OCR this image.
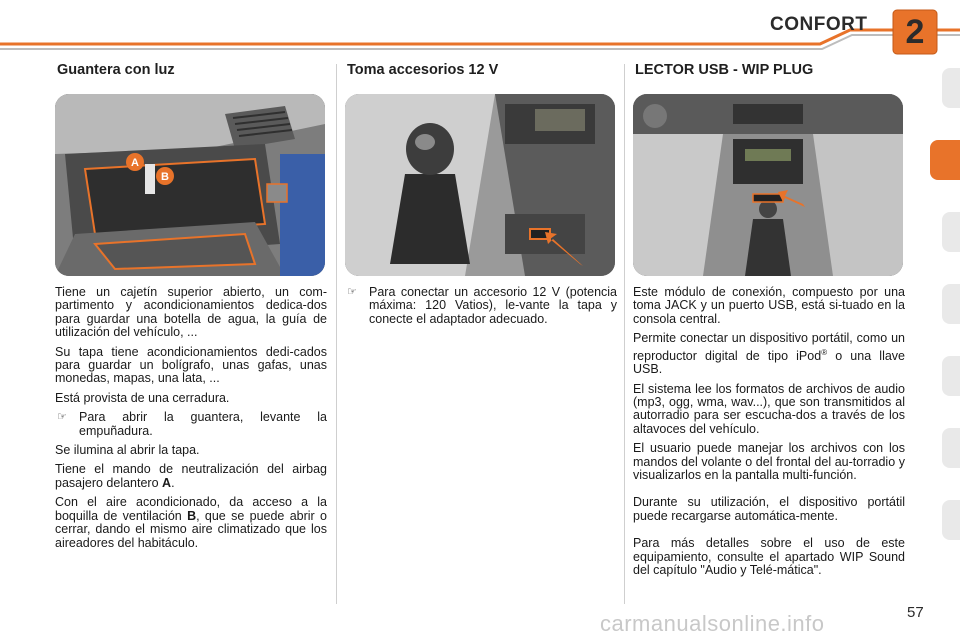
CONFORT	2
Guantera con luz
A
B

Tiene un cajetín superior abierto, un com-partimento y acondicionamientos dedica-dos para guardar una botella de agua, la guía de utilización del vehículo, ...

Su tapa tiene acondicionamientos dedi-cados para guardar un bolígrafo, unas gafas, unas monedas, mapas, una lata, ...

Está provista de una cerradura.

☞ Para abrir la guantera, levante la empuñadura.

Se ilumina al abrir la tapa.

Tiene el mando de neutralización del airbag pasajero delantero A.

Con el aire acondicionado, da acceso a la boquilla de ventilación B, que se puede abrir o cerrar, dando el mismo aire climatizado que los aireadores del habitáculo.

Toma accesorios 12 V

☞ Para conectar un accesorio 12 V (potencia máxima: 120 Vatios), le-vante la tapa y conecte el adaptador adecuado.

LECTOR USB - WIP PLUG

Este módulo de conexión, compuesto por una toma JACK y un puerto USB, está si-tuado en la consola central.

Permite conectar un dispositivo portátil, como un reproductor digital de tipo iPod® o una llave USB.

El sistema lee los formatos de archivos de audio (mp3, ogg, wma, wav...), que son transmitidos al autorradio para ser escucha-dos a través de los altavoces del vehículo.

El usuario puede manejar los archivos con los mandos del volante o del frontal del au-torradio y visualizarlos en la pantalla multi-función.

Durante su utilización, el dispositivo portátil puede recargarse automática-mente.

Para más detalles sobre el uso de este equipamiento, consulte el apartado WIP Sound del capítulo "Audio y Telé-mática".

carmanualsonline.info	57
